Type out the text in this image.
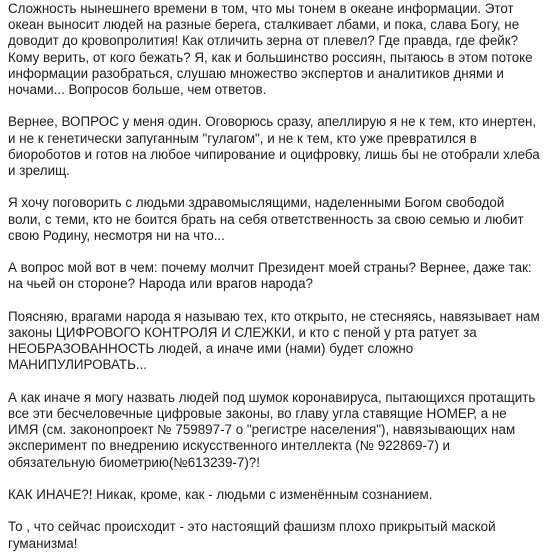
Сложность нынешнего времени в том, что мы тонем в океане информации. Этот океан выносит людей на разные берега, сталкивает лбами, и пока, слава Богу, не доводит до кровопролития! Как отличить зерна от плевел? Где правда, где фейк? Кому верить, от кого бежать? Я, как и большинство россиян, пытаюсь в этом потоке информации разобраться, слушаю множество экспертов и аналитиков днями и ночами... Вопросов больше, чем ответов.

Вернее, ВОПРОС у меня один. Оговорюсь сразу, апеллирую я не к тем, кто инертен, и не к генетически запуганным "гулагом", и не к тем, кто уже превратился в биороботов и готов на любое чипирование и оцифровку, лишь бы не отобрали хлеба и зрелищ.

Я хочу поговорить с людьми здравомыслящими, наделенными Богом свободой воли, с теми, кто не боится брать на себя ответственность за свою семью и любит свою Родину, несмотря ни на что...

А вопрос мой вот в чем: почему молчит Президент моей страны? Вернее, даже так: на чьей он стороне? Народа или врагов народа?

Поясняю, врагами народа я называю тех, кто открыто, не стесняясь, навязывает нам законы ЦИФРОВОГО КОНТРОЛЯ И СЛЕЖКИ, и кто с пеной у рта ратует за НЕОБРАЗОВАННОСТЬ людей, а иначе ими (нами) будет сложно МАНИПУЛИРОВАТЬ...

А как иначе я могу назвать людей под шумок коронавируса, пытающихся протащить все эти бесчеловечные цифровые законы, во главу угла ставящие НОМЕР, а не ИМЯ (см. законопроект № 759897-7 о "регистре населения"), навязывающих нам эксперимент по внедрению искусственного интеллекта (№ 922869-7) и обязательную биометрию(№613239-7)?!

КАК ИНАЧЕ?! Никак, кроме, как - людьми с изменённым сознанием.

То , что сейчас происходит - это настоящий фашизм плохо прикрытый маской гуманизма!
